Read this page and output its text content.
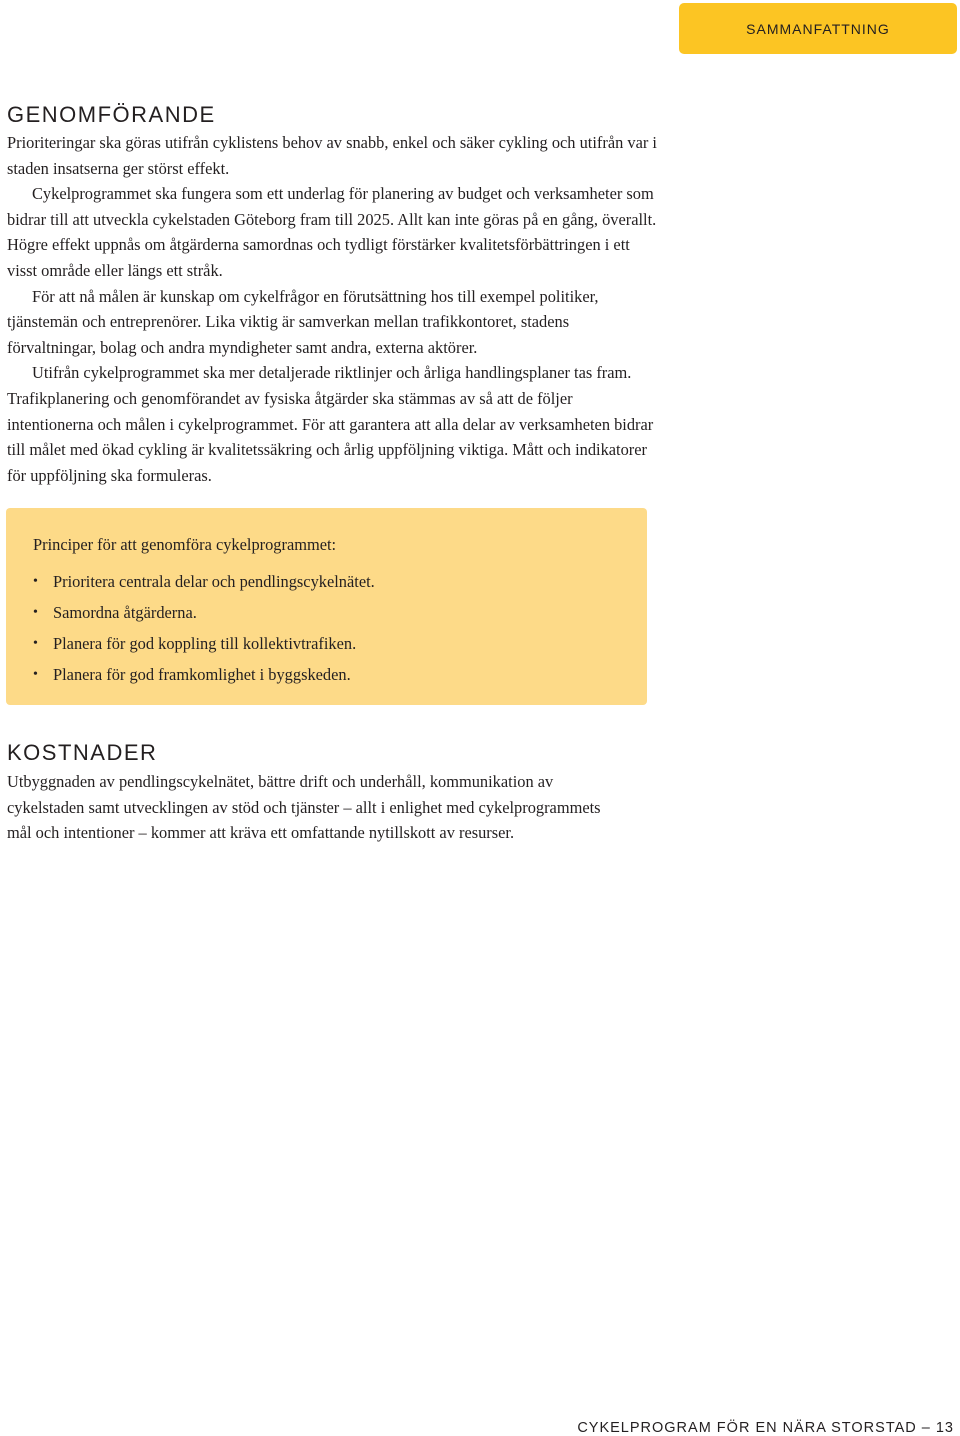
SAMMANFATTNING
GENOMFÖRANDE

Prioriteringar ska göras utifrån cyklistens behov av snabb, enkel och säker cykling och utifrån var i staden insatserna ger störst effekt.

Cykelprogrammet ska fungera som ett underlag för planering av budget och verksamheter som bidrar till att utveckla cykelstaden Göteborg fram till 2025. Allt kan inte göras på en gång, överallt. Högre effekt uppnås om åtgärderna samordnas och tydligt förstärker kvalitetsförbättringen i ett visst område eller längs ett stråk.

För att nå målen är kunskap om cykelfrågor en förutsättning hos till exempel politiker, tjänstemän och entreprenörer. Lika viktig är samverkan mellan trafikkontoret, stadens förvaltningar, bolag och andra myndigheter samt andra, externa aktörer.

Utifrån cykelprogrammet ska mer detaljerade riktlinjer och årliga handlingsplaner tas fram. Trafikplanering och genomförandet av fysiska åtgärder ska stämmas av så att de följer intentionerna och målen i cykelprogrammet. För att garantera att alla delar av verksamheten bidrar till målet med ökad cykling är kvalitetssäkring och årlig uppföljning viktiga. Mått och indikatorer för uppföljning ska formuleras.

Principer för att genomföra cykelprogrammet:

• Prioritera centrala delar och pendlingscykelnätet.
• Samordna åtgärderna.
• Planera för god koppling till kollektivtrafiken.
• Planera för god framkomlighet i byggskeden.
KOSTNADER

Utbyggnaden av pendlingscykelnätet, bättre drift och underhåll, kommunikation av cykelstaden samt utvecklingen av stöd och tjänster – allt i enlighet med cykelprogrammets mål och intentioner – kommer att kräva ett omfattande nytillskott av resurser.

CYKELPROGRAM FÖR EN NÄRA STORSTAD – 13
